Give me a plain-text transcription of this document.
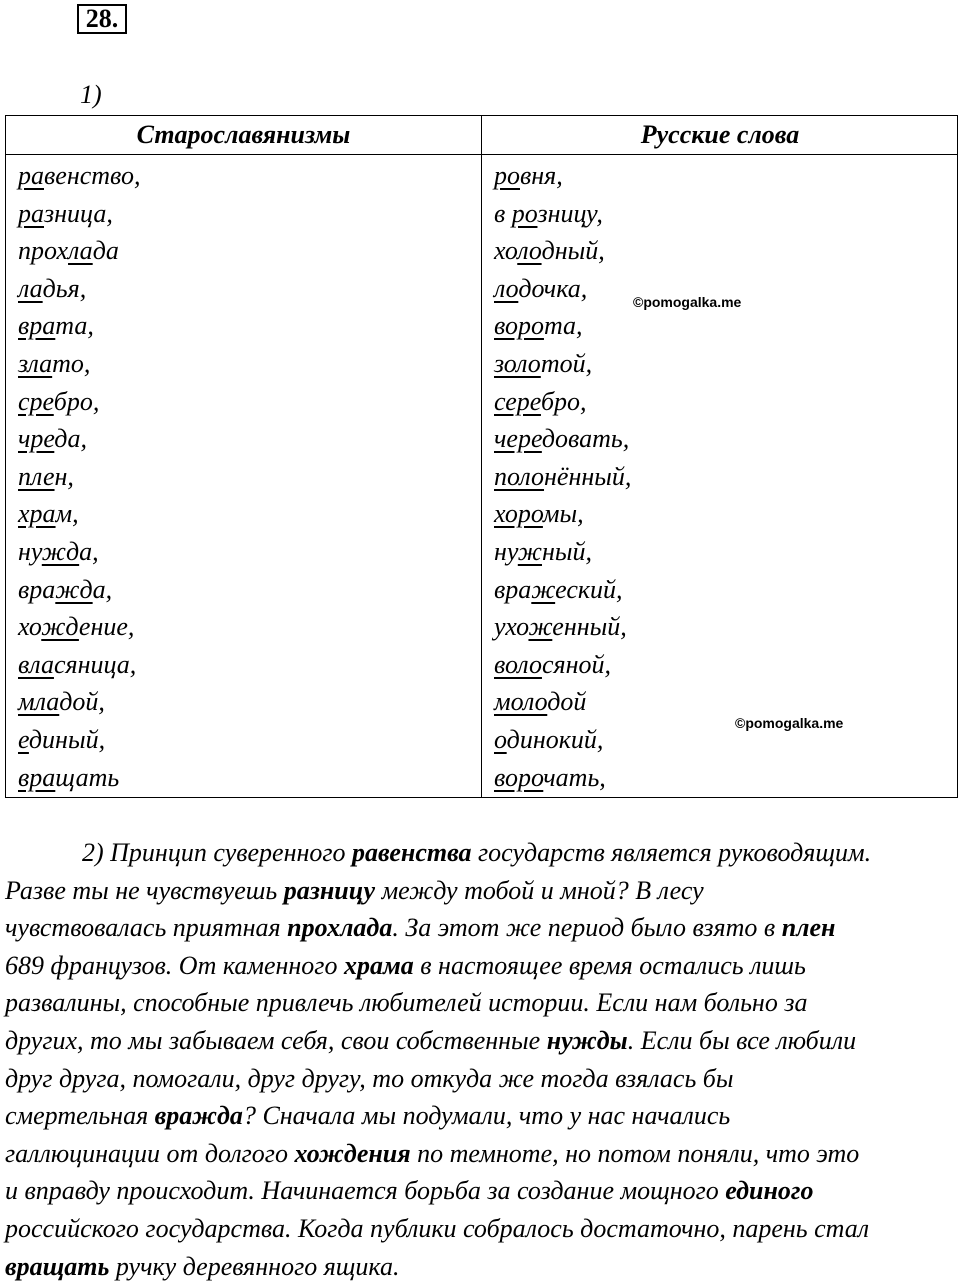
28.
1)
Старославянизмы	Русские слова
равенство,
разница,
прохлада
ладья,
врата,
злато,
сребро,
чреда,
плен,
храм,
нужда,
вражда,
хождение,
власяница,
младой,
единый,
вращать
ровня,
в розницу,
холодный,
лодочка,
ворота,
золотой,
серебро,
чередовать,
полонённый,
хоромы,
нужный,
вражеский,
ухоженный,
волосяной,
молодой
одинокий,
ворочать,
©pomogalka.me
©pomogalka.me
2) Принцип суверенного равенства государств является руководящим.
Разве ты не чувствуешь разницу между тобой и мной? В лесу
чувствовалась приятная прохлада. За этот же период было взято в плен
689 французов. От каменного храма в настоящее время остались лишь
развалины, способные привлечь любителей истории. Если нам больно за
других, то мы забываем себя, свои собственные нужды. Если бы все любили
друг друга, помогали, друг другу, то откуда же тогда взялась бы
смертельная вражда? Сначала мы подумали, что у нас начались
галлюцинации от долгого хождения по темноте, но потом поняли, что это
и вправду происходит. Начинается борьба за создание мощного единого
российского государства. Когда публики собралось достаточно, парень стал
вращать ручку деревянного ящика.
